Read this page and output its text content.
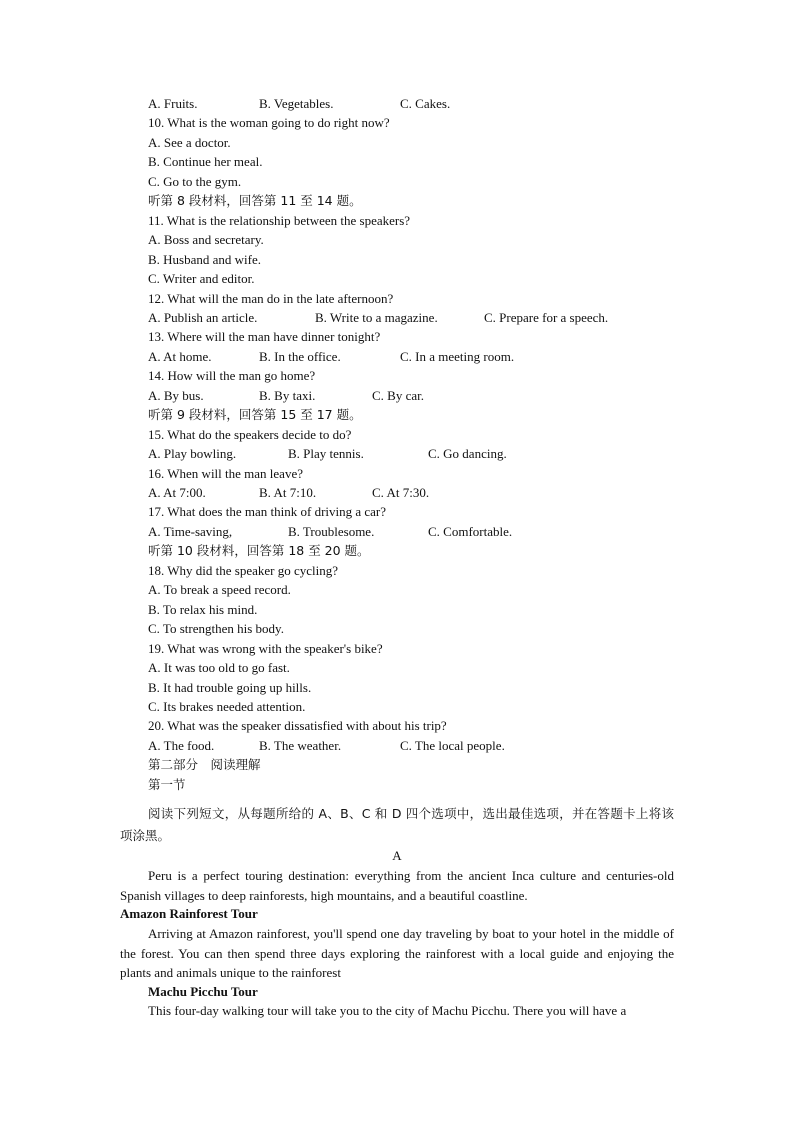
A. Fruits.	B. Vegetables.	C. Cakes.
10. What is the woman going to do right now?
A. See a doctor.
B. Continue her meal.
C. Go to the gym.
听第 8 段材料，回答第 11 至 14 题。
11. What is the relationship between the speakers?
A. Boss and secretary.
B. Husband and wife.
C. Writer and editor.
12. What will the man do in the late afternoon?
A. Publish an article.	B. Write to a magazine.	C. Prepare for a speech.
13. Where will the man have dinner tonight?
A. At home.	B. In the office.	C. In a meeting room.
14. How will the man go home?
A. By bus.	B. By taxi.	C. By car.
听第 9 段材料，回答第 15 至 17 题。
15. What do the speakers decide to do?
A. Play bowling.	B. Play tennis.	C. Go dancing.
16. When will the man leave?
A. At 7:00.	B. At 7:10.	C. At 7:30.
17. What does the man think of driving a car?
A. Time-saving,	B. Troublesome.	C. Comfortable.
听第 10 段材料，回答第 18 至 20 题。
18. Why did the speaker go cycling?
A. To break a speed record.
B. To relax his mind.
C. To strengthen his body.
19. What was wrong with the speaker's bike?
A. It was too old to go fast.
B. It had trouble going up hills.
C. Its brakes needed attention.
20. What was the speaker dissatisfied with about his trip?
A. The food.	B. The weather.	C. The local people.
第二部分　阅读理解
第一节
阅读下列短文，从每题所给的 A、B、C 和 D 四个选项中，选出最佳选项，并在答题卡上将该项涂黑。
A
Peru is a perfect touring destination: everything from the ancient Inca culture and centuries-old Spanish villages to deep rainforests, high mountains, and a beautiful coastline.
Amazon Rainforest Tour
Arriving at Amazon rainforest, you'll spend one day traveling by boat to your hotel in the middle of the forest. You can then spend three days exploring the rainforest with a local guide and enjoying the plants and animals unique to the rainforest
Machu Picchu Tour
This four-day walking tour will take you to the city of Machu Picchu. There you will have a
